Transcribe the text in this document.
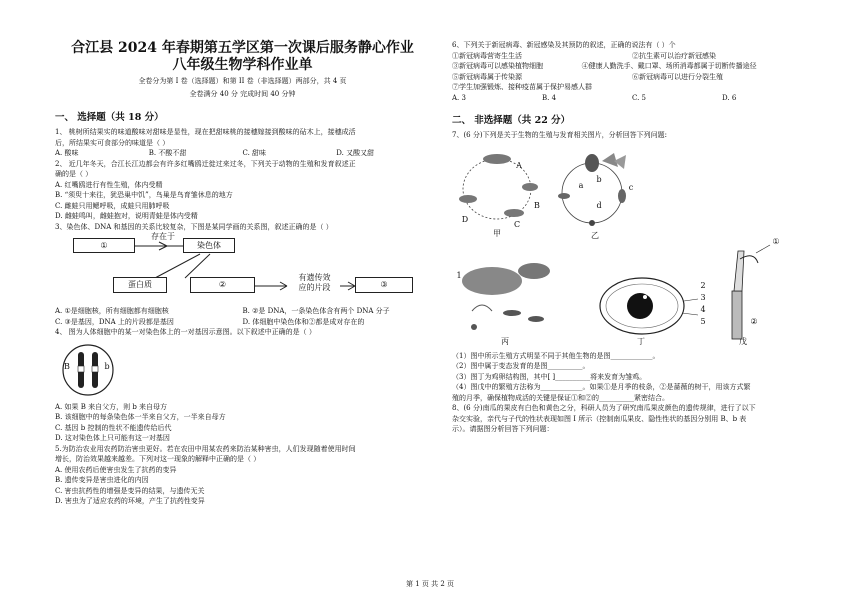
合江县 2024 年春期第五学区第一次课后服务静心作业
八年级生物学科作业单
全卷分为第 I 卷（选择题）和第 II 卷（非选择题）两部分，共 4 页
全卷满分 40 分 完成时间 40 分钟
一、 选择题（共 18 分）
1、 桃树所结果实的味道酸味对甜味是显性，现在把甜味桃的接穗嫁接到酸味的砧木上，接穗成活
后，所结果实可食部分的味道是（ ）
A. 酸味	B. 不酸不甜	C. 甜味	D. 又酸又甜
2、 近几年冬天，合江长江边都会有许多红嘴鸥迁徙过来过冬，下列关于动物的生殖和发育叙述正
确的是（ ）
A. 红嘴鸥进行有性生殖，体内受精
B. “须臾十来往，犹恐巢中饥”，鸟巢是鸟育雏休息的地方
C. 雌蛙只用鳃呼吸，成蛙只用肺呼吸
D. 雌蛙鸣叫，雌蛙抱对，说明青蛙是体内受精
3、染色体、DNA 和基因的关系比较复杂，下图是某同学画的关系图，叙述正确的是（ ）
存在于
①	染色体
蛋白质	②
有遗传效
应的片段	③
A. ①是细胞核，所有细胞都有细胞核	B. ②是 DNA，一条染色体含有两个 DNA 分子
C. ③是基因，DNA 上的片段都是基因	D. 体细胞中染色体和②都是成对存在的
4、 图为人体细胞中的某一对染色体上的一对基因示意图。以下叙述中正确的是（ ）
B	b
A. 如果 B 来自父方，则 b 来自母方
B. 该细胞中的每条染色体一半来自父方，一半来自母方
C. 基因 b 控制的性状不能遗传给后代
D. 这对染色体上只可能有这一对基因
5.为防治农业用农药防治害虫更好。若在农田中用某农药来防治某种害虫，人们发现随着使用时间
增长，防治效果越来越差。下列对这一现象的解释中正确的是（ ）
A. 使用农药后使害虫发生了抗药的变异
B. 遗传变异是害虫进化的内因
C. 害虫抗药性的增强是变异的结果，与遗传无关
D. 害虫为了适应农药的环境，产生了抗药性变异
6、下列关于新冠病毒、新冠感染及其预防的叙述，正确的说法有（ ）个
①新冠病毒营寄生生活	②抗生素可以治疗新冠感染
③新冠病毒可以感染植物细胞	④健康人勤洗手、戴口罩、场所消毒都属于切断传播途径
⑤新冠病毒属于传染源	⑥新冠病毒可以进行分裂生殖
⑦学生加强锻炼、接种疫苗属于保护易感人群
A. 3	B. 4	C. 5	D. 6
二、 非选择题（共 22 分）
7、(6 分)下列是关于生物的生殖与发育相关图片，分析回答下列问题:
A
B
C
D
甲
a
b
c
d
乙
1
2
3
4
5
①
②
丙	丁	戊
（1）图中所示生殖方式明显不同于其他生物的是图____________。
（2）图中属于变态发育的是图__________。
（3）图丁为鸡卵结构图，其中[ ]__________将来发育为雏鸡。
（4）图戊中的繁殖方法称为____________。如果①是月季的枝条，②是蔷薇的树干，用该方式繁
殖的月季，确保植物成活的关键是保证①和②的__________紧密结合。
8、(6 分)南瓜的果皮有白色和黄色之分，科研人员为了研究南瓜果皮颜色的遗传规律，进行了以下
杂交实验，亲代与子代的性状表现如图 I 所示（控制南瓜果皮、隐性性状的基因分别用 B、b 表
示）。请据图分析回答下列问题：
第 1 页 共 2 页
